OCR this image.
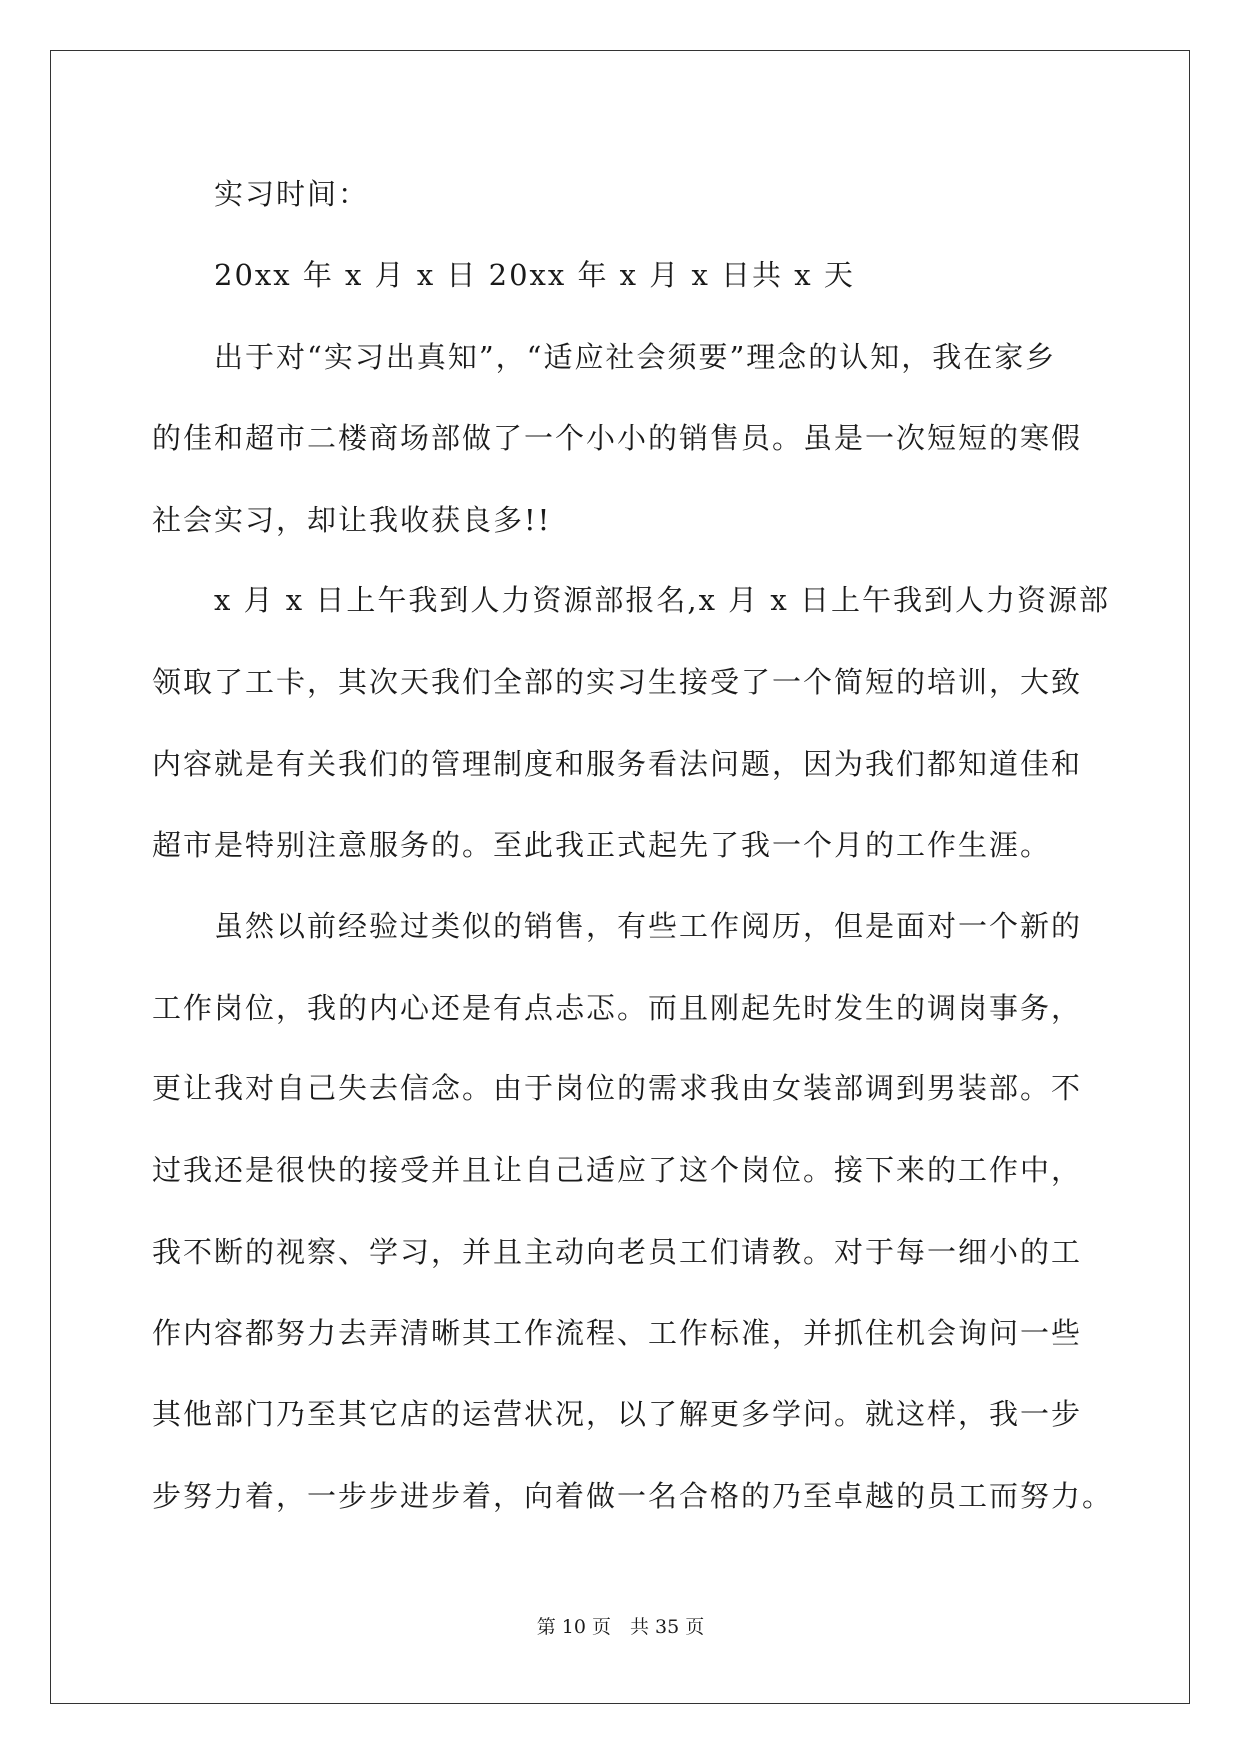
实习时间：
20xx 年 x 月 x 日 20xx 年 x 月 x 日共 x 天
出于对“实习出真知”，“适应社会须要”理念的认知，我在家乡
的佳和超市二楼商场部做了一个小小的销售员。虽是一次短短的寒假
社会实习，却让我收获良多!!
x 月 x 日上午我到人力资源部报名,x 月 x 日上午我到人力资源部
领取了工卡，其次天我们全部的实习生接受了一个简短的培训，大致
内容就是有关我们的管理制度和服务看法问题，因为我们都知道佳和
超市是特别注意服务的。至此我正式起先了我一个月的工作生涯。
虽然以前经验过类似的销售，有些工作阅历，但是面对一个新的
工作岗位，我的内心还是有点忐忑。而且刚起先时发生的调岗事务，
更让我对自己失去信念。由于岗位的需求我由女装部调到男装部。不
过我还是很快的接受并且让自己适应了这个岗位。接下来的工作中，
我不断的视察、学习，并且主动向老员工们请教。对于每一细小的工
作内容都努力去弄清晰其工作流程、工作标准，并抓住机会询问一些
其他部门乃至其它店的运营状况，以了解更多学问。就这样，我一步
步努力着，一步步进步着，向着做一名合格的乃至卓越的员工而努力。
第 10 页　共 35 页
